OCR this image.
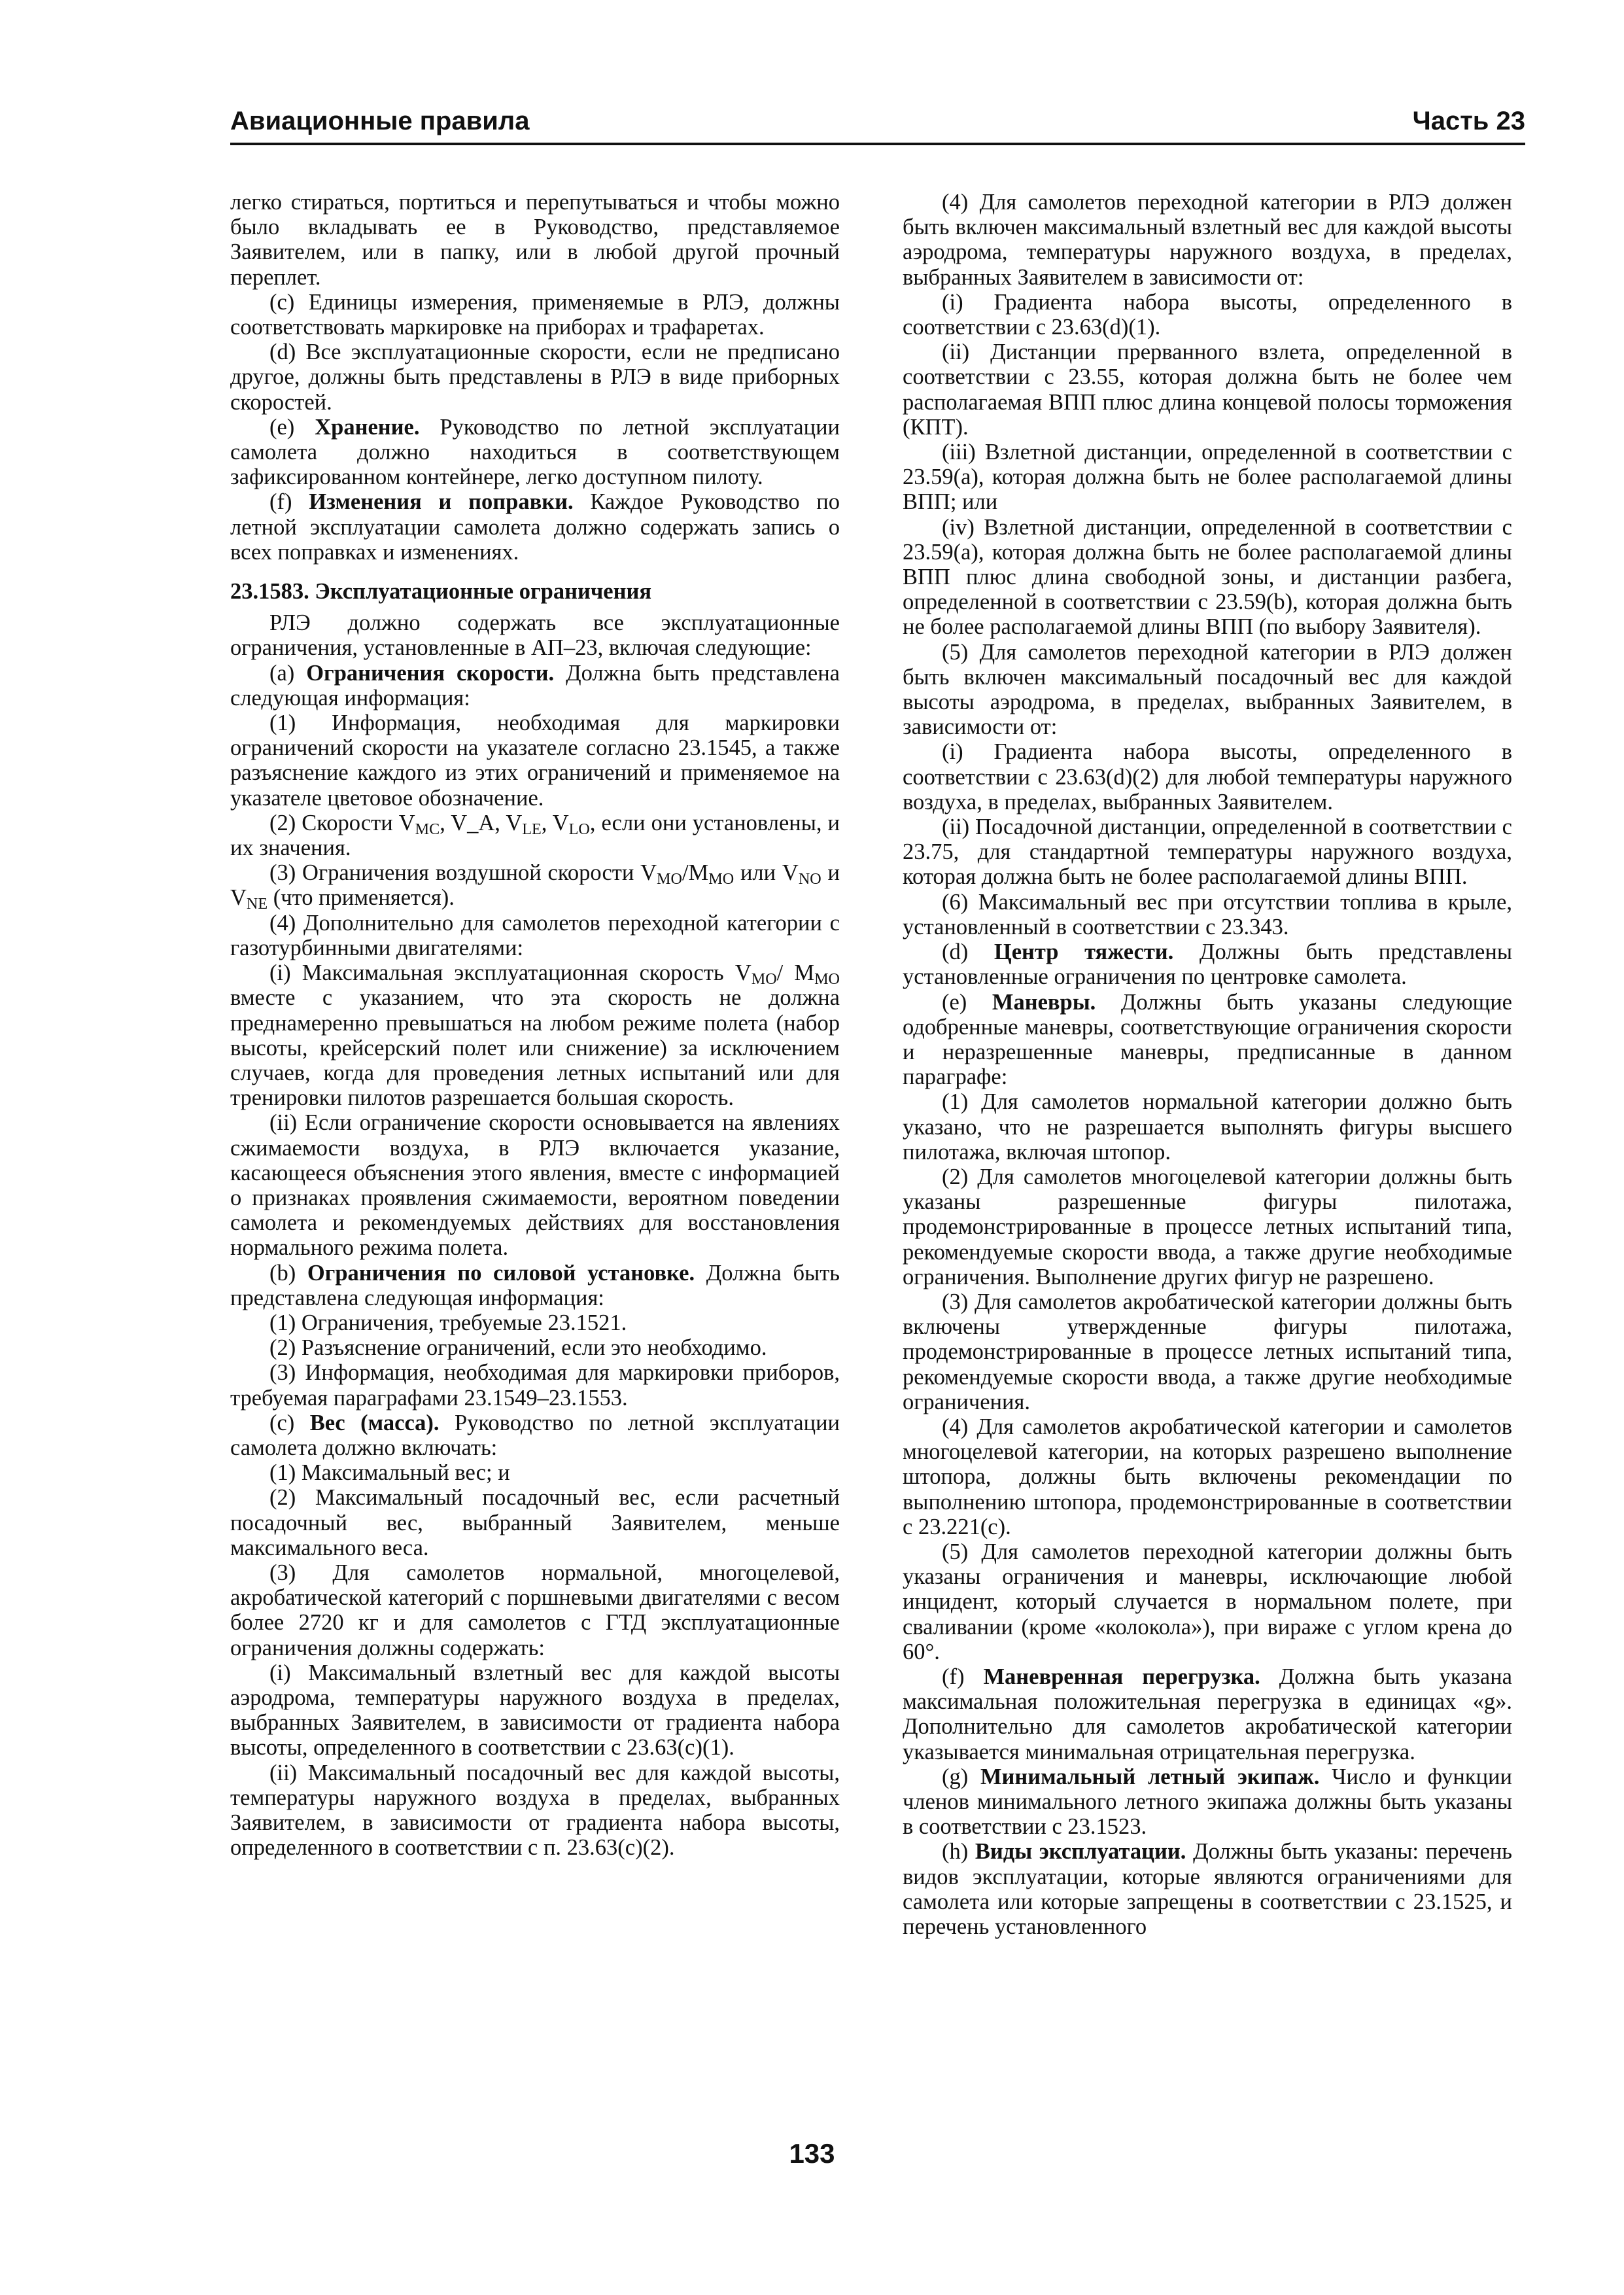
Авиационные правила	Часть 23

легко стираться, портиться и перепутываться и чтобы можно было вкладывать ее в Руководство, представляемое Заявителем, или в папку, или в любой другой прочный переплет.

(c) Единицы измерения, применяемые в РЛЭ, должны соответствовать маркировке на приборах и трафаретах.

(d) Все эксплуатационные скорости, если не предписано другое, должны быть представлены в РЛЭ в виде приборных скоростей.

(e) Хранение. Руководство по летной эксплуатации самолета должно находиться в соответствующем зафиксированном контейнере, легко доступном пилоту.

(f) Изменения и поправки. Каждое Руководство по летной эксплуатации самолета должно содержать запись о всех поправках и изменениях.

23.1583. Эксплуатационные ограничения

РЛЭ должно содержать все эксплуатационные ограничения, установленные в АП–23, включая следующие:

(a) Ограничения скорости. Должна быть представлена следующая информация:

(1) Информация, необходимая для маркировки ограничений скорости на указателе согласно 23.1545, а также разъяснение каждого из этих ограничений и применяемое на указателе цветовое обозначение.

(2) Скорости $V_{MC}$, V_A, $V_{LE}$, $V_{LO}$, если они установлены, и их значения.

(3) Ограничения воздушной скорости $V_{MO}/M_{MO}$ или $V_{NO}$ и $V_{NE}$ (что применяется).

(4) Дополнительно для самолетов переходной категории с газотурбинными двигателями:

(i) Максимальная эксплуатационная скорость $V_{MO}/$ $M_{MO}$ вместе с указанием, что эта скорость не должна преднамеренно превышаться на любом режиме полета (набор высоты, крейсерский полет или снижение) за исключением случаев, когда для проведения летных испытаний или для тренировки пилотов разрешается большая скорость.

(ii) Если ограничение скорости основывается на явлениях сжимаемости воздуха, в РЛЭ включается указание, касающееся объяснения этого явления, вместе с информацией о признаках проявления сжимаемости, вероятном поведении самолета и рекомендуемых действиях для восстановления нормального режима полета.

(b) Ограничения по силовой установке. Должна быть представлена следующая информация:

(1) Ограничения, требуемые 23.1521.

(2) Разъяснение ограничений, если это необходимо.

(3) Информация, необходимая для маркировки приборов, требуемая параграфами 23.1549–23.1553.

(c) Вес (масса). Руководство по летной эксплуатации самолета должно включать:

(1) Максимальный вес; и

(2) Максимальный посадочный вес, если расчетный посадочный вес, выбранный Заявителем, меньше максимального веса.

(3) Для самолетов нормальной, многоцелевой, акробатической категорий с поршневыми двигателями с весом более 2720 кг и для самолетов с ГТД эксплуатационные ограничения должны содержать:

(i) Максимальный взлетный вес для каждой высоты аэродрома, температуры наружного воздуха в пределах, выбранных Заявителем, в зависимости от градиента набора высоты, определенного в соответствии с 23.63(c)(1).

(ii) Максимальный посадочный вес для каждой высоты, температуры наружного воздуха в пределах, выбранных Заявителем, в зависимости от градиента набора высоты, определенного в соответствии с п. 23.63(c)(2).

(4) Для самолетов переходной категории в РЛЭ должен быть включен максимальный взлетный вес для каждой высоты аэродрома, температуры наружного воздуха, в пределах, выбранных Заявителем в зависимости от:

(i) Градиента набора высоты, определенного в соответствии с 23.63(d)(1).

(ii) Дистанции прерванного взлета, определенной в соответствии с 23.55, которая должна быть не более чем располагаемая ВПП плюс длина концевой полосы торможения (КПТ).

(iii) Взлетной дистанции, определенной в соответствии с 23.59(a), которая должна быть не более располагаемой длины ВПП; или

(iv) Взлетной дистанции, определенной в соответствии с 23.59(a), которая должна быть не более располагаемой длины ВПП плюс длина свободной зоны, и дистанции разбега, определенной в соответствии с 23.59(b), которая должна быть не более располагаемой длины ВПП (по выбору Заявителя).

(5) Для самолетов переходной категории в РЛЭ должен быть включен максимальный посадочный вес для каждой высоты аэродрома, в пределах, выбранных Заявителем, в зависимости от:

(i) Градиента набора высоты, определенного в соответствии с 23.63(d)(2) для любой температуры наружного воздуха, в пределах, выбранных Заявителем.

(ii) Посадочной дистанции, определенной в соответствии с 23.75, для стандартной температуры наружного воздуха, которая должна быть не более располагаемой длины ВПП.

(6) Максимальный вес при отсутствии топлива в крыле, установленный в соответствии с 23.343.

(d) Центр тяжести. Должны быть представлены установленные ограничения по центровке самолета.

(e) Маневры. Должны быть указаны следующие одобренные маневры, соответствующие ограничения скорости и неразрешенные маневры, предписанные в данном параграфе:

(1) Для самолетов нормальной категории должно быть указано, что не разрешается выполнять фигуры высшего пилотажа, включая штопор.

(2) Для самолетов многоцелевой категории должны быть указаны разрешенные фигуры пилотажа, продемонстрированные в процессе летных испытаний типа, рекомендуемые скорости ввода, а также другие необходимые ограничения. Выполнение других фигур не разрешено.

(3) Для самолетов акробатической категории должны быть включены утвержденные фигуры пилотажа, продемонстрированные в процессе летных испытаний типа, рекомендуемые скорости ввода, а также другие необходимые ограничения.

(4) Для самолетов акробатической категории и самолетов многоцелевой категории, на которых разрешено выполнение штопора, должны быть включены рекомендации по выполнению штопора, продемонстрированные в соответствии с 23.221(c).

(5) Для самолетов переходной категории должны быть указаны ограничения и маневры, исключающие любой инцидент, который случается в нормальном полете, при сваливании (кроме «колокола»), при вираже с углом крена до 60°.

(f) Маневренная перегрузка. Должна быть указана максимальная положительная перегрузка в единицах «g». Дополнительно для самолетов акробатической категории указывается минимальная отрицательная перегрузка.

(g) Минимальный летный экипаж. Число и функции членов минимального летного экипажа должны быть указаны в соответствии с 23.1523.

(h) Виды эксплуатации. Должны быть указаны: перечень видов эксплуатации, которые являются ограничениями для самолета или которые запрещены в соответствии с 23.1525, и перечень установленного

133
